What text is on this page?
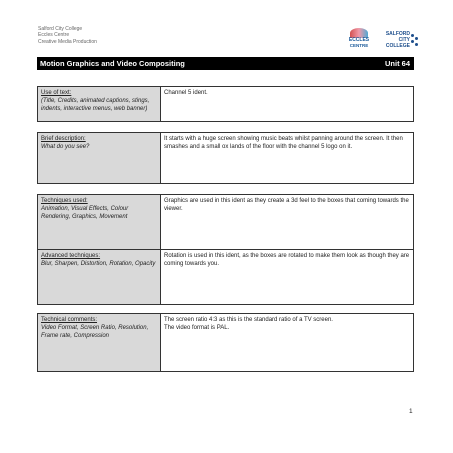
Salford City College
Eccles Centre
Creative Media Production	ECCLES
CENTRE
SALFORD
CITY
COLLEGE
Motion Graphics and Video Compositing	Unit 64
Use of text:
(Title, Credits, animated captions, stings, indents, interactive menus, web banner)
Channel 5 ident.
Brief description:
What do you see?
It starts with a huge screen showing music beats whilst panning around the screen. It then smashes and a small ox lands of the floor with the channel 5 logo on it.
Techniques used:
Animation, Visual Effects, Colour Rendering, Graphics, Movement
Graphics are used in this ident as they create a 3d feel to the boxes that coming towards the viewer.
Advanced techniques:
Blur, Sharpen, Distortion, Rotation, Opacity
Rotation is used in this ident, as the boxes are rotated to make them look as though they are coming towards you.
Technical comments:
Video Format, Screen Ratio, Resolution, Frame rate, Compression
The screen ratio 4:3 as this is the standard ratio of a TV screen.
The video format is PAL.
1
